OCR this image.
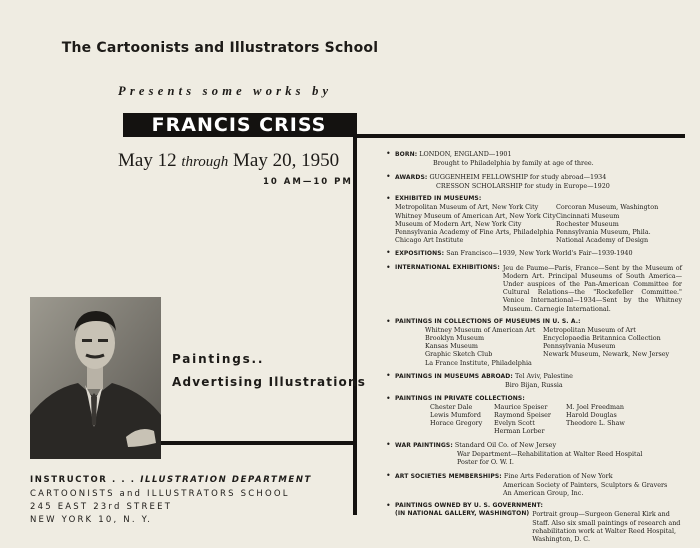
The Cartoonists and Illustrators School
Presents some works by
FRANCIS CRISS
May 12 through May 20, 1950
10 AM—10 PM
Paintings..
Advertising Illustrations
INSTRUCTOR . . . ILLUSTRATION DEPARTMENT
CARTOONISTS and ILLUSTRATORS SCHOOL
245 EAST 23rd STREET
NEW YORK 10, N. Y.
• BORN: LONDON, ENGLAND—1901
Brought to Philadelphia by family at age of three.
• AWARDS: GUGGENHEIM FELLOWSHIP for study abroad—1934
CRESSON SCHOLARSHIP for study in Europe—1920
• EXHIBITED IN MUSEUMS:
Metropolitan Museum of Art, New York City
Whitney Museum of American Art, New York City
Museum of Modern Art, New York City
Pennsylvania Academy of Fine Arts, Philadelphia
Chicago Art Institute
Corcoran Museum, Washington
Cincinnati Museum
Rochester Museum
Pennsylvania Museum, Phila.
National Academy of Design
• EXPOSITIONS: San Francisco—1939, New York World's Fair—1939-1940
• INTERNATIONAL EXHIBITIONS: Jeu de Paume—Paris, France—Sent by the Museum of Modern Art. Principal Museums of South America—Under auspices of the Pan-American Committee for Cultural Relations—the "Rockefeller Committee." Venice International—1934—Sent by the Whitney Museum. Carnegie International.
• PAINTINGS IN COLLECTIONS OF MUSEUMS IN U. S. A.:
Whitney Museum of American Art
Brooklyn Museum
Kansas Museum
Graphic Sketch Club
La France Institute, Philadelphia
Metropolitan Museum of Art
Encyclopaedia Britannica Collection
Pennsylvania Museum
Newark Museum, Newark, New Jersey
• PAINTINGS IN MUSEUMS ABROAD: Tel Aviv, Palestine
Biro Bijan, Russia
• PAINTINGS IN PRIVATE COLLECTIONS:
Chester Dale
Lewis Mumford
Horace Gregory
Maurice Speiser
Raymond Speiser
Evelyn Scott
Herman Lorber
M. Joel Freedman
Harold Douglas
Theodore L. Shaw
• WAR PAINTINGS: Standard Oil Co. of New Jersey
War Department—Rehabilitation at Walter Reed Hospital
Poster for O. W. I.
• ART SOCIETIES MEMBERSHIPS: Fine Arts Federation of New York
American Society of Painters, Sculptors & Gravers
An American Group, Inc.
• PAINTINGS OWNED BY U. S. GOVERNMENT:
(IN NATIONAL GALLERY, WASHINGTON) Portrait group—Surgeon General Kirk and Staff. Also six small paintings of research and rehabilitation work at Walter Reed Hospital, Washington, D. C.
